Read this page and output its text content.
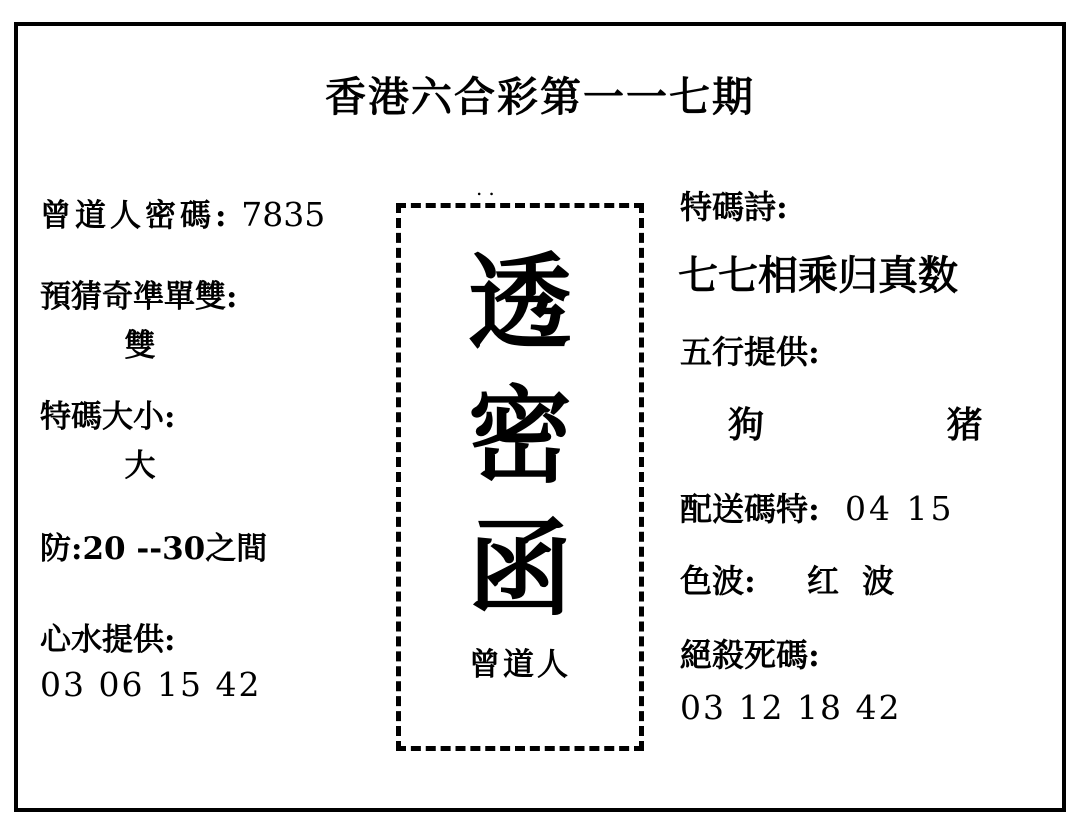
香港六合彩第一一七期
曾道人密碼: 7835
預猜奇凖單雙:
雙
特碼大小:
大
防:20 --30之間
心水提供:
03 06 15 42
..
透
密
函
曾道人
特碼詩:
七七相乘归真数
五行提供:
狗	猪
配送碼特: 04 15
色波: 红 波
絕殺死碼:
03 12 18 42
